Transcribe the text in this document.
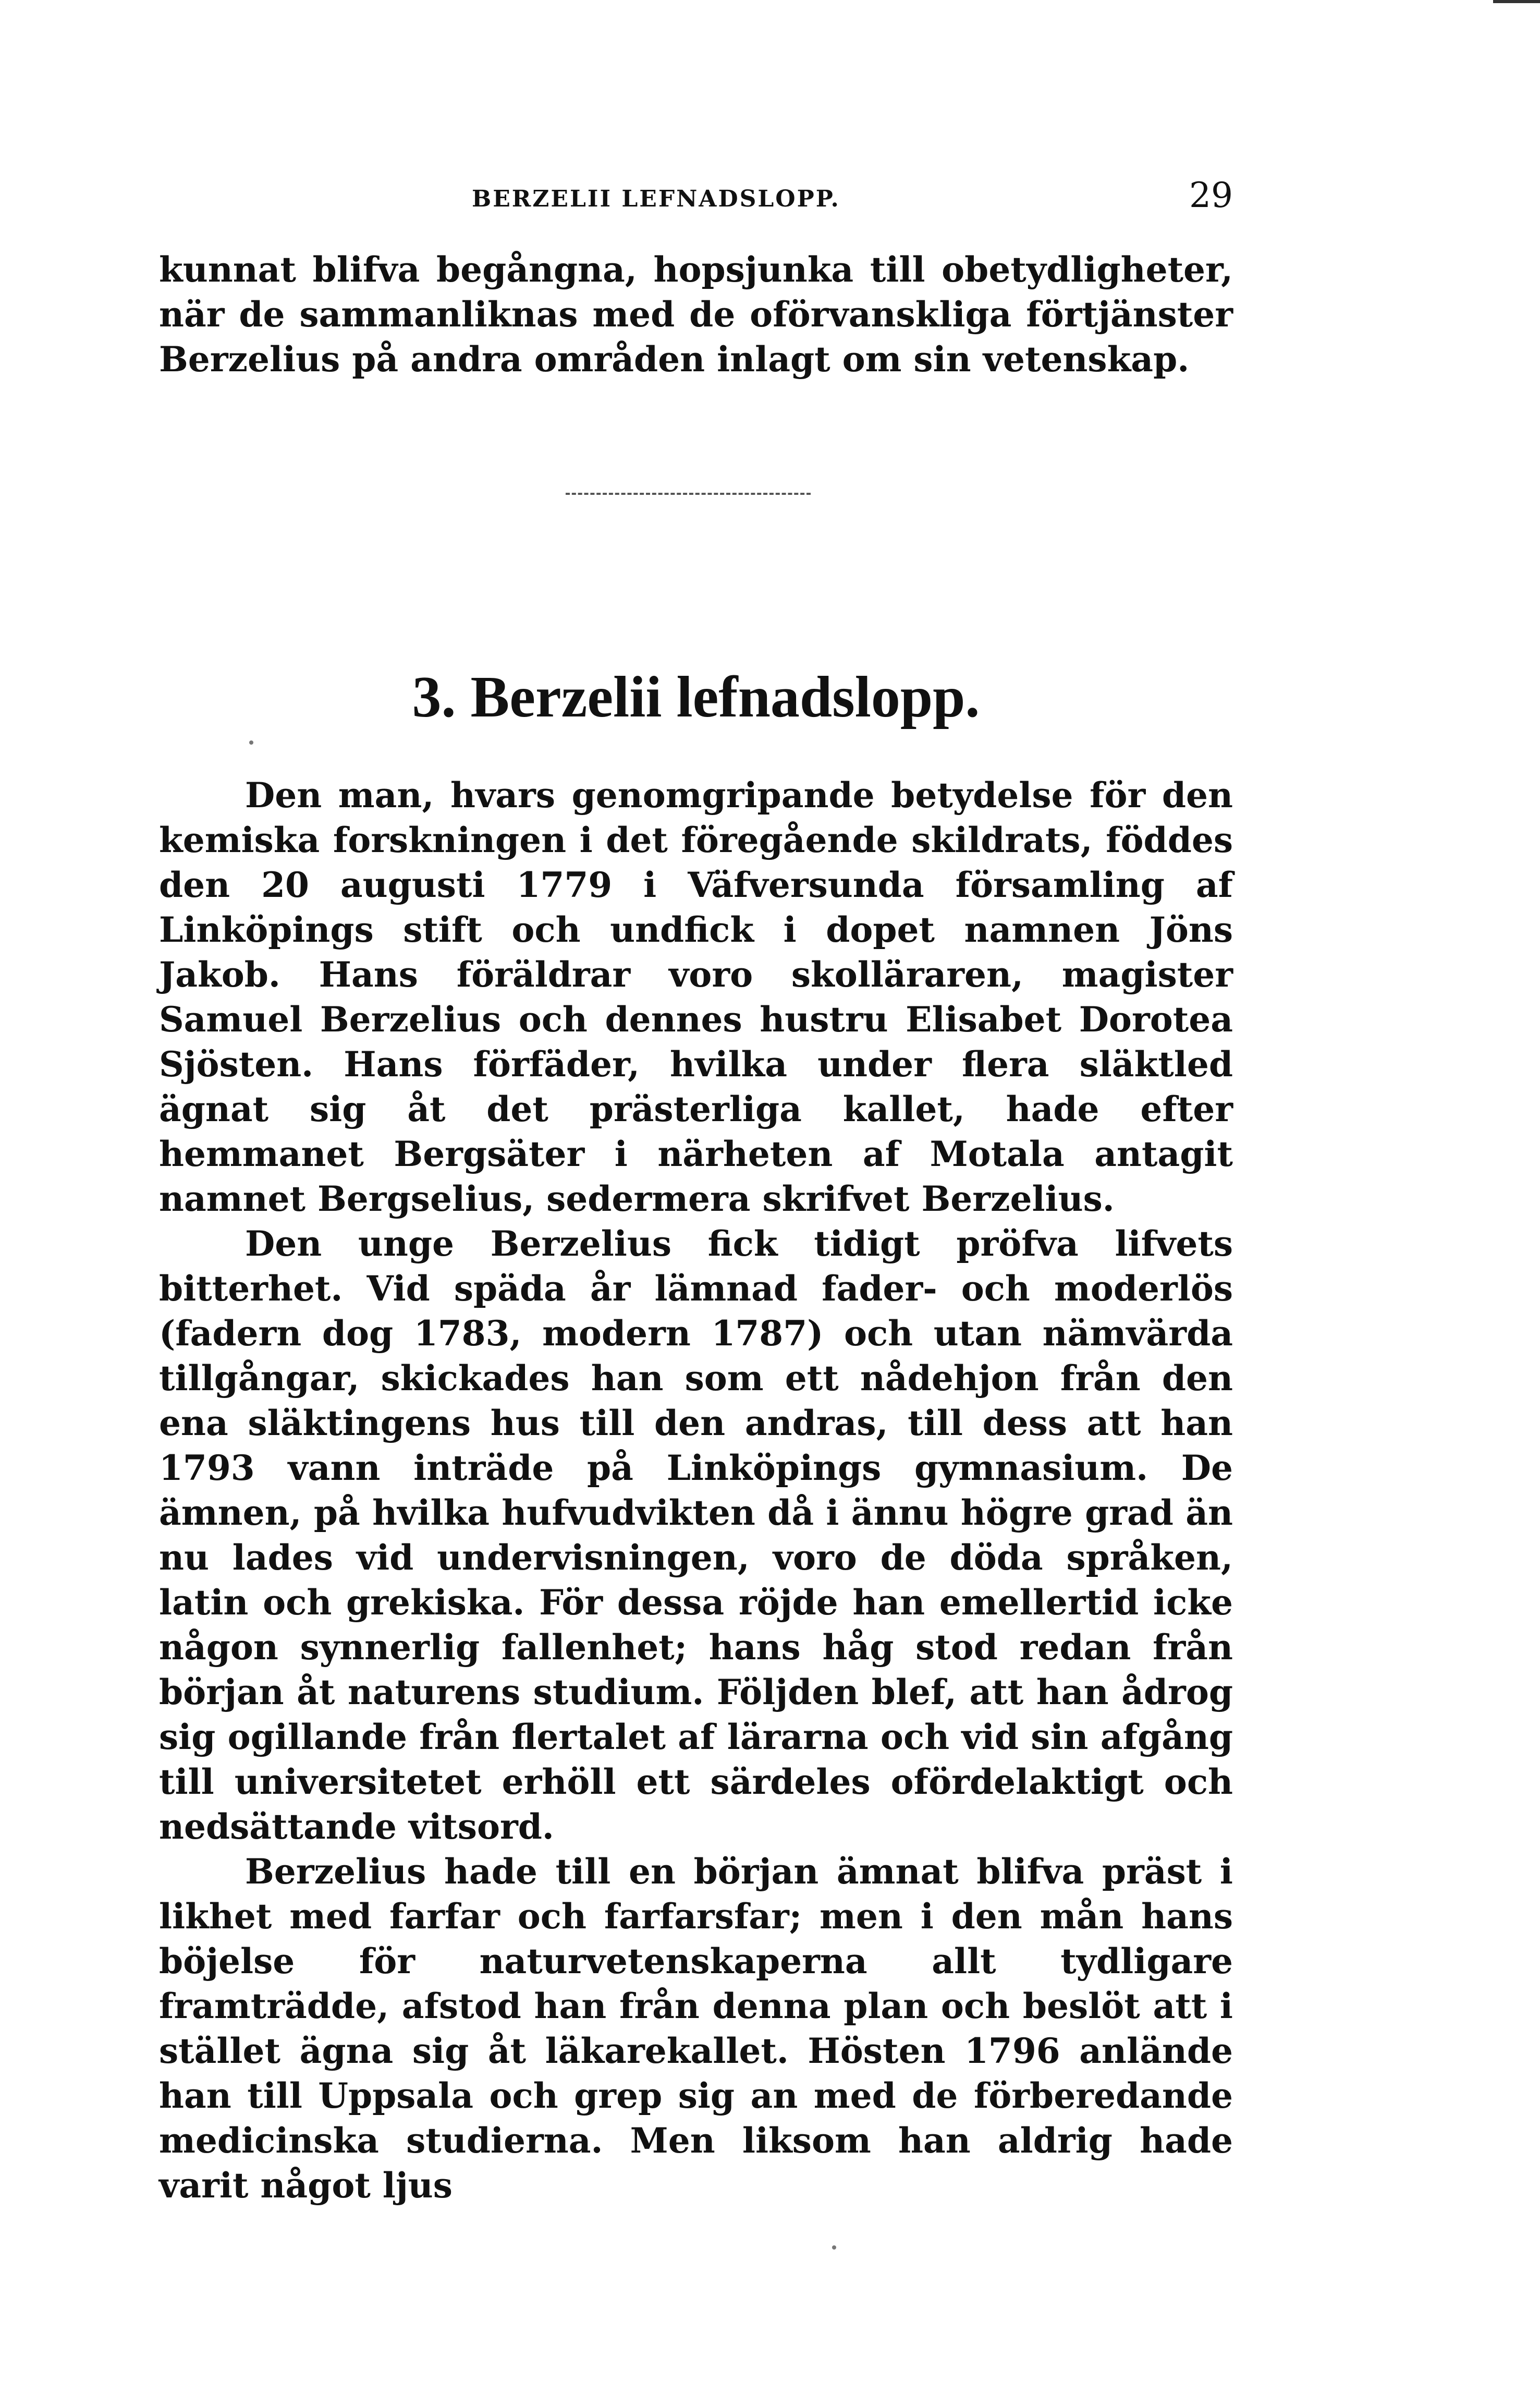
BERZELII LEFNADSLOPP.	29

kunnat blifva begångna, hopsjunka till obetydligheter, när de sammanliknas med de oförvanskliga förtjänster Berzelius på andra områden inlagt om sin vetenskap.

3. Berzelii lefnadslopp.

Den man, hvars genomgripande betydelse för den kemiska forskningen i det föregående skildrats, föddes den 20 augusti 1779 i Väfversunda församling af Linköpings stift och undfick i dopet namnen Jöns Jakob. Hans föräldrar voro skolläraren, magister Samuel Berzelius och dennes hustru Elisabet Dorotea Sjösten. Hans förfäder, hvilka under flera släktled ägnat sig åt det prästerliga kallet, hade efter hemmanet Bergsäter i närheten af Motala antagit namnet Bergselius, sedermera skrifvet Berzelius.

Den unge Berzelius fick tidigt pröfva lifvets bitterhet. Vid späda år lämnad fader- och moderlös (fadern dog 1783, modern 1787) och utan nämvärda tillgångar, skickades han som ett nådehjon från den ena släktingens hus till den andras, till dess att han 1793 vann inträde på Linköpings gymnasium. De ämnen, på hvilka hufvudvikten då i ännu högre grad än nu lades vid undervisningen, voro de döda språken, latin och grekiska. För dessa röjde han emellertid icke någon synnerlig fallenhet; hans håg stod redan från början åt naturens studium. Följden blef, att han ådrog sig ogillande från flertalet af lärarna och vid sin afgång till universitetet erhöll ett särdeles ofördelaktigt och nedsättande vitsord.

Berzelius hade till en början ämnat blifva präst i likhet med farfar och farfarsfar; men i den mån hans böjelse för naturvetenskaperna allt tydligare framträdde, afstod han från denna plan och beslöt att i stället ägna sig åt läkarekallet. Hösten 1796 anlände han till Uppsala och grep sig an med de förberedande medicinska studierna. Men liksom han aldrig hade varit något ljus
